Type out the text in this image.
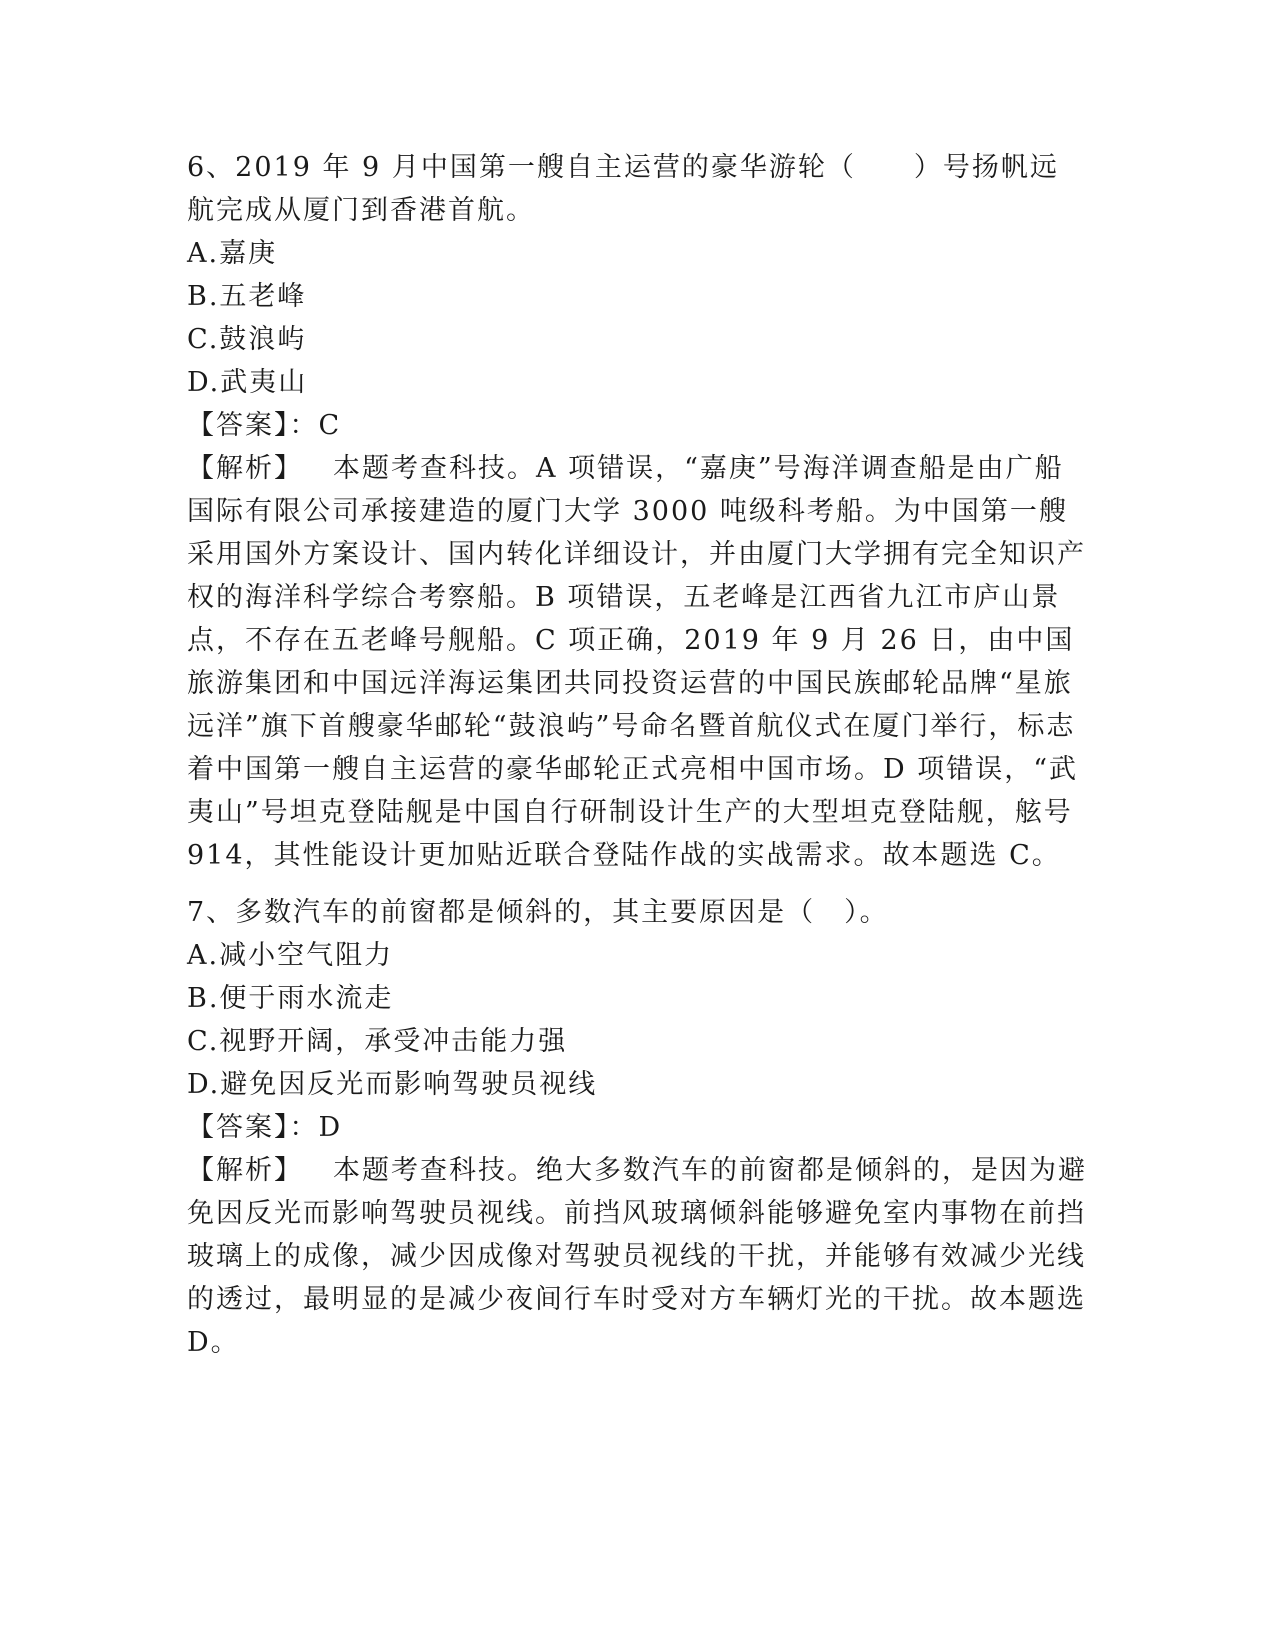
6、2019 年 9 月中国第一艘自主运营的豪华游轮（　　）号扬帆远航完成从厦门到香港首航。

A.嘉庚

B.五老峰

C.鼓浪屿

D.武夷山

【答案】：C

【解析】 本题考查科技。A 项错误，“嘉庚”号海洋调查船是由广船国际有限公司承接建造的厦门大学 3000 吨级科考船。为中国第一艘采用国外方案设计、国内转化详细设计，并由厦门大学拥有完全知识产权的海洋科学综合考察船。B 项错误，五老峰是江西省九江市庐山景点，不存在五老峰号舰船。C 项正确，2019 年 9 月 26 日，由中国旅游集团和中国远洋海运集团共同投资运营的中国民族邮轮品牌“星旅远洋”旗下首艘豪华邮轮“鼓浪屿”号命名暨首航仪式在厦门举行，标志着中国第一艘自主运营的豪华邮轮正式亮相中国市场。D 项错误，“武夷山”号坦克登陆舰是中国自行研制设计生产的大型坦克登陆舰，舷号 914，其性能设计更加贴近联合登陆作战的实战需求。故本题选 C。

7、多数汽车的前窗都是倾斜的，其主要原因是（　）。

A.减小空气阻力

B.便于雨水流走

C.视野开阔，承受冲击能力强

D.避免因反光而影响驾驶员视线

【答案】：D

【解析】 本题考查科技。绝大多数汽车的前窗都是倾斜的，是因为避免因反光而影响驾驶员视线。前挡风玻璃倾斜能够避免室内事物在前挡玻璃上的成像，减少因成像对驾驶员视线的干扰，并能够有效减少光线的透过，最明显的是减少夜间行车时受对方车辆灯光的干扰。故本题选 D。
